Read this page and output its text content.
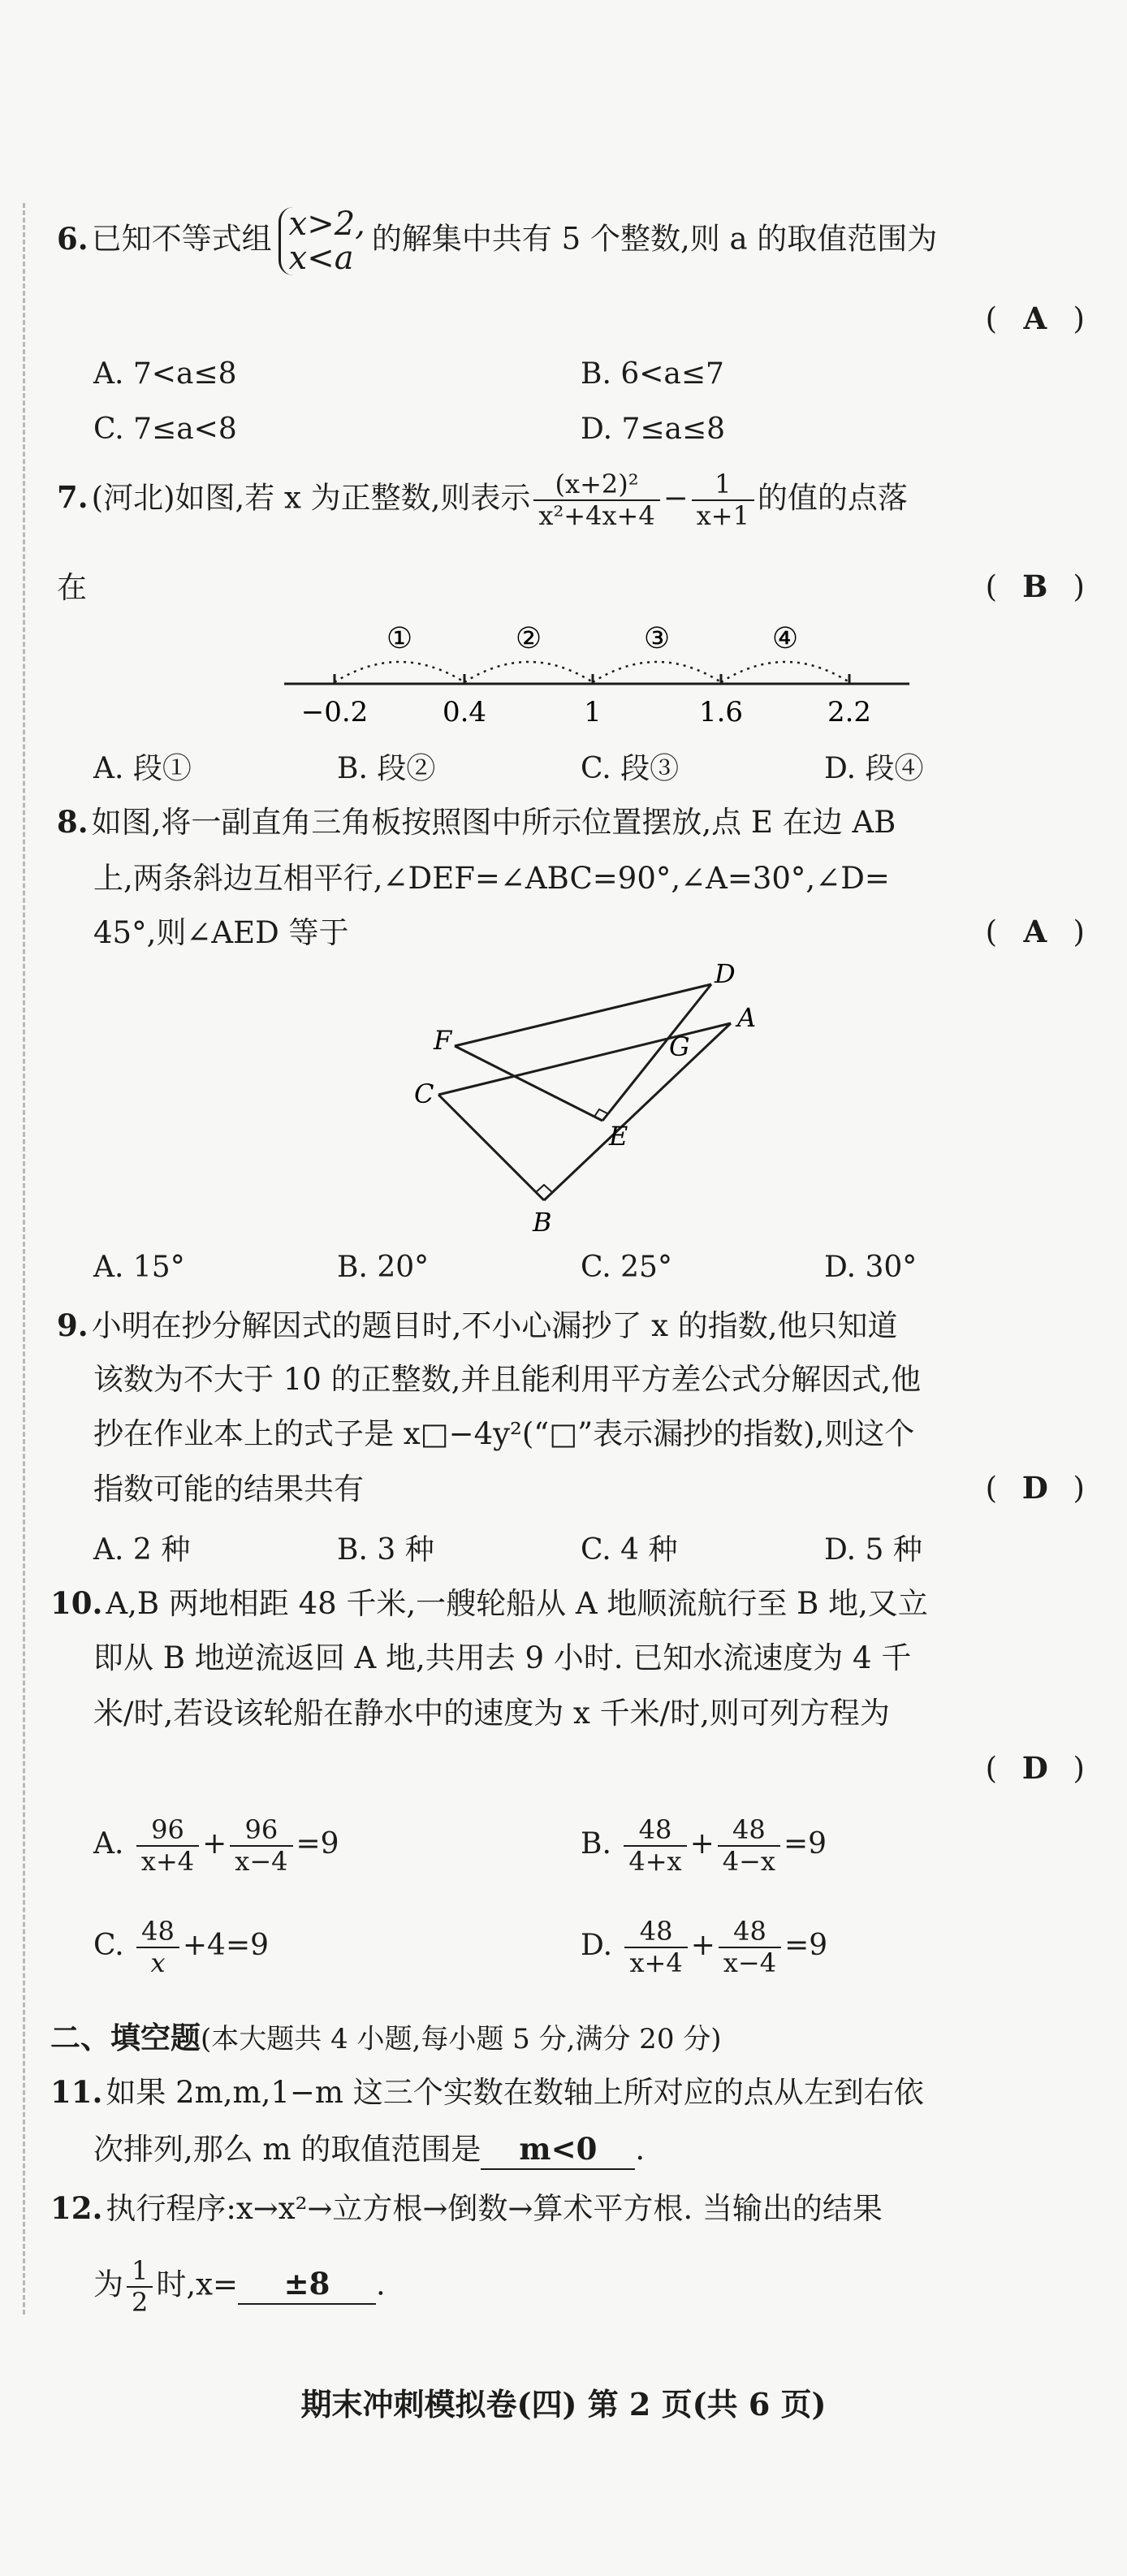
6. 已知不等式组 x>2,
x<a
的解集中共有 5 个整数,则 a 的取值范围为
( A )
A. 7<a≤8	B. 6<a≤7
C. 7≤a<8	D. 7≤a≤8
7. (河北)如图,若 x 为正整数,则表示 $\frac{\text{(x+2)²}}{\text{x²+4x+4}} - \frac{1}{x+1}$ 的值的点落
在	( B )
①	②	③	④
−0.2	0.4	1	1.6	2.2
A. 段①	B. 段②	C. 段③	D. 段④
8. 如图,将一副直角三角板按照图中所示位置摆放,点 E 在边 AB
上,两条斜边互相平行,∠DEF=∠ABC=90°,∠A=30°,∠D=
45°,则∠AED 等于	( A )
D
A
G
F
C
E
B
A. 15°	B. 20°	C. 25°	D. 30°
9. 小明在抄分解因式的题目时,不小心漏抄了 x 的指数,他只知道
该数为不大于 10 的正整数,并且能利用平方差公式分解因式,他
抄在作业本上的式子是 x□−4y²(“□”表示漏抄的指数),则这个
指数可能的结果共有	( D )
A. 2 种	B. 3 种	C. 4 种	D. 5 种
10. A,B 两地相距 48 千米,一艘轮船从 A 地顺流航行至 B 地,又立
即从 B 地逆流返回 A 地,共用去 9 小时. 已知水流速度为 4 千
米/时,若设该轮船在静水中的速度为 x 千米/时,则可列方程为
( D )
A. $\frac{96}{x+4} + \frac{96}{x-4} =9$	B. $\frac{48}{4+x} + \frac{48}{4-x} =9$
C. $\frac{48}{x} +4=9$	D. $\frac{48}{x+4} + \frac{48}{x-4} =9$
二、填空题(本大题共 4 小题,每小题 5 分,满分 20 分)
11. 如果 2m,m,1−m 这三个实数在数轴上所对应的点从左到右依
次排列,那么 m 的取值范围是 m<0 .
12. 执行程序:x→x²→立方根→倒数→算术平方根. 当输出的结果
为 $\frac{1}{2}$ 时,x= ±8 .
期末冲刺模拟卷(四) 第 2 页(共 6 页)
